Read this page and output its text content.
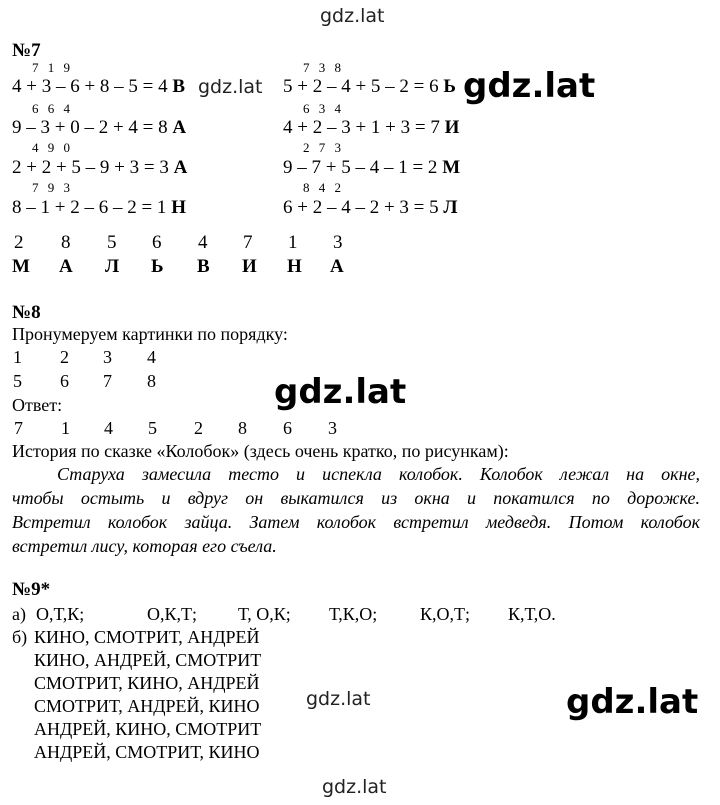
gdz.lat
gdz.lat	gdz.lat
gdz.lat
gdz.lat	gdz.lat
gdz.lat
№7
7 1 9
4 + 3 – 6 + 8 – 5 = 4 В
6 6 4
9 – 3 + 0 – 2 + 4 = 8 А
4 9 0
2 + 2 + 5 – 9 + 3 = 3 А
7 9 3
8 – 1 + 2 – 6 – 2 = 1 Н
7 3 8
5 + 2 – 4 + 5 – 2 = 6 Ь
6 3 4
4 + 2 – 3 + 1 + 3 = 7 И
2 7 3
9 – 7 + 5 – 4 – 1 = 2 М
8 4 2
6 + 2 – 4 – 2 + 3 = 5 Л
2 8 5 6 4 7 1 3
М А Л Ь В И Н А
№8
Пронумеруем картинки по порядку:
1 2 3 4
5 6 7 8
Ответ:
7 1 4 5 2 8 6 3
История по сказке «Колобок» (здесь очень кратко, по рисункам):
Старуха замесила тесто и испекла колобок. Колобок лежал на окне,
чтобы остыть и вдруг он выкатился из окна и покатился по дорожке.
Встретил колобок зайца. Затем колобок встретил медведя. Потом колобок
встретил лису, которая его съела.
№9*
а) О,Т,К;	О,К,Т; Т, О,К; Т,К,О; К,О,Т; К,Т,О.
б) КИНО, СМОТРИТ, АНДРЕЙ
КИНО, АНДРЕЙ, СМОТРИТ
СМОТРИТ, КИНО, АНДРЕЙ
СМОТРИТ, АНДРЕЙ, КИНО
АНДРЕЙ, КИНО, СМОТРИТ
АНДРЕЙ, СМОТРИТ, КИНО
